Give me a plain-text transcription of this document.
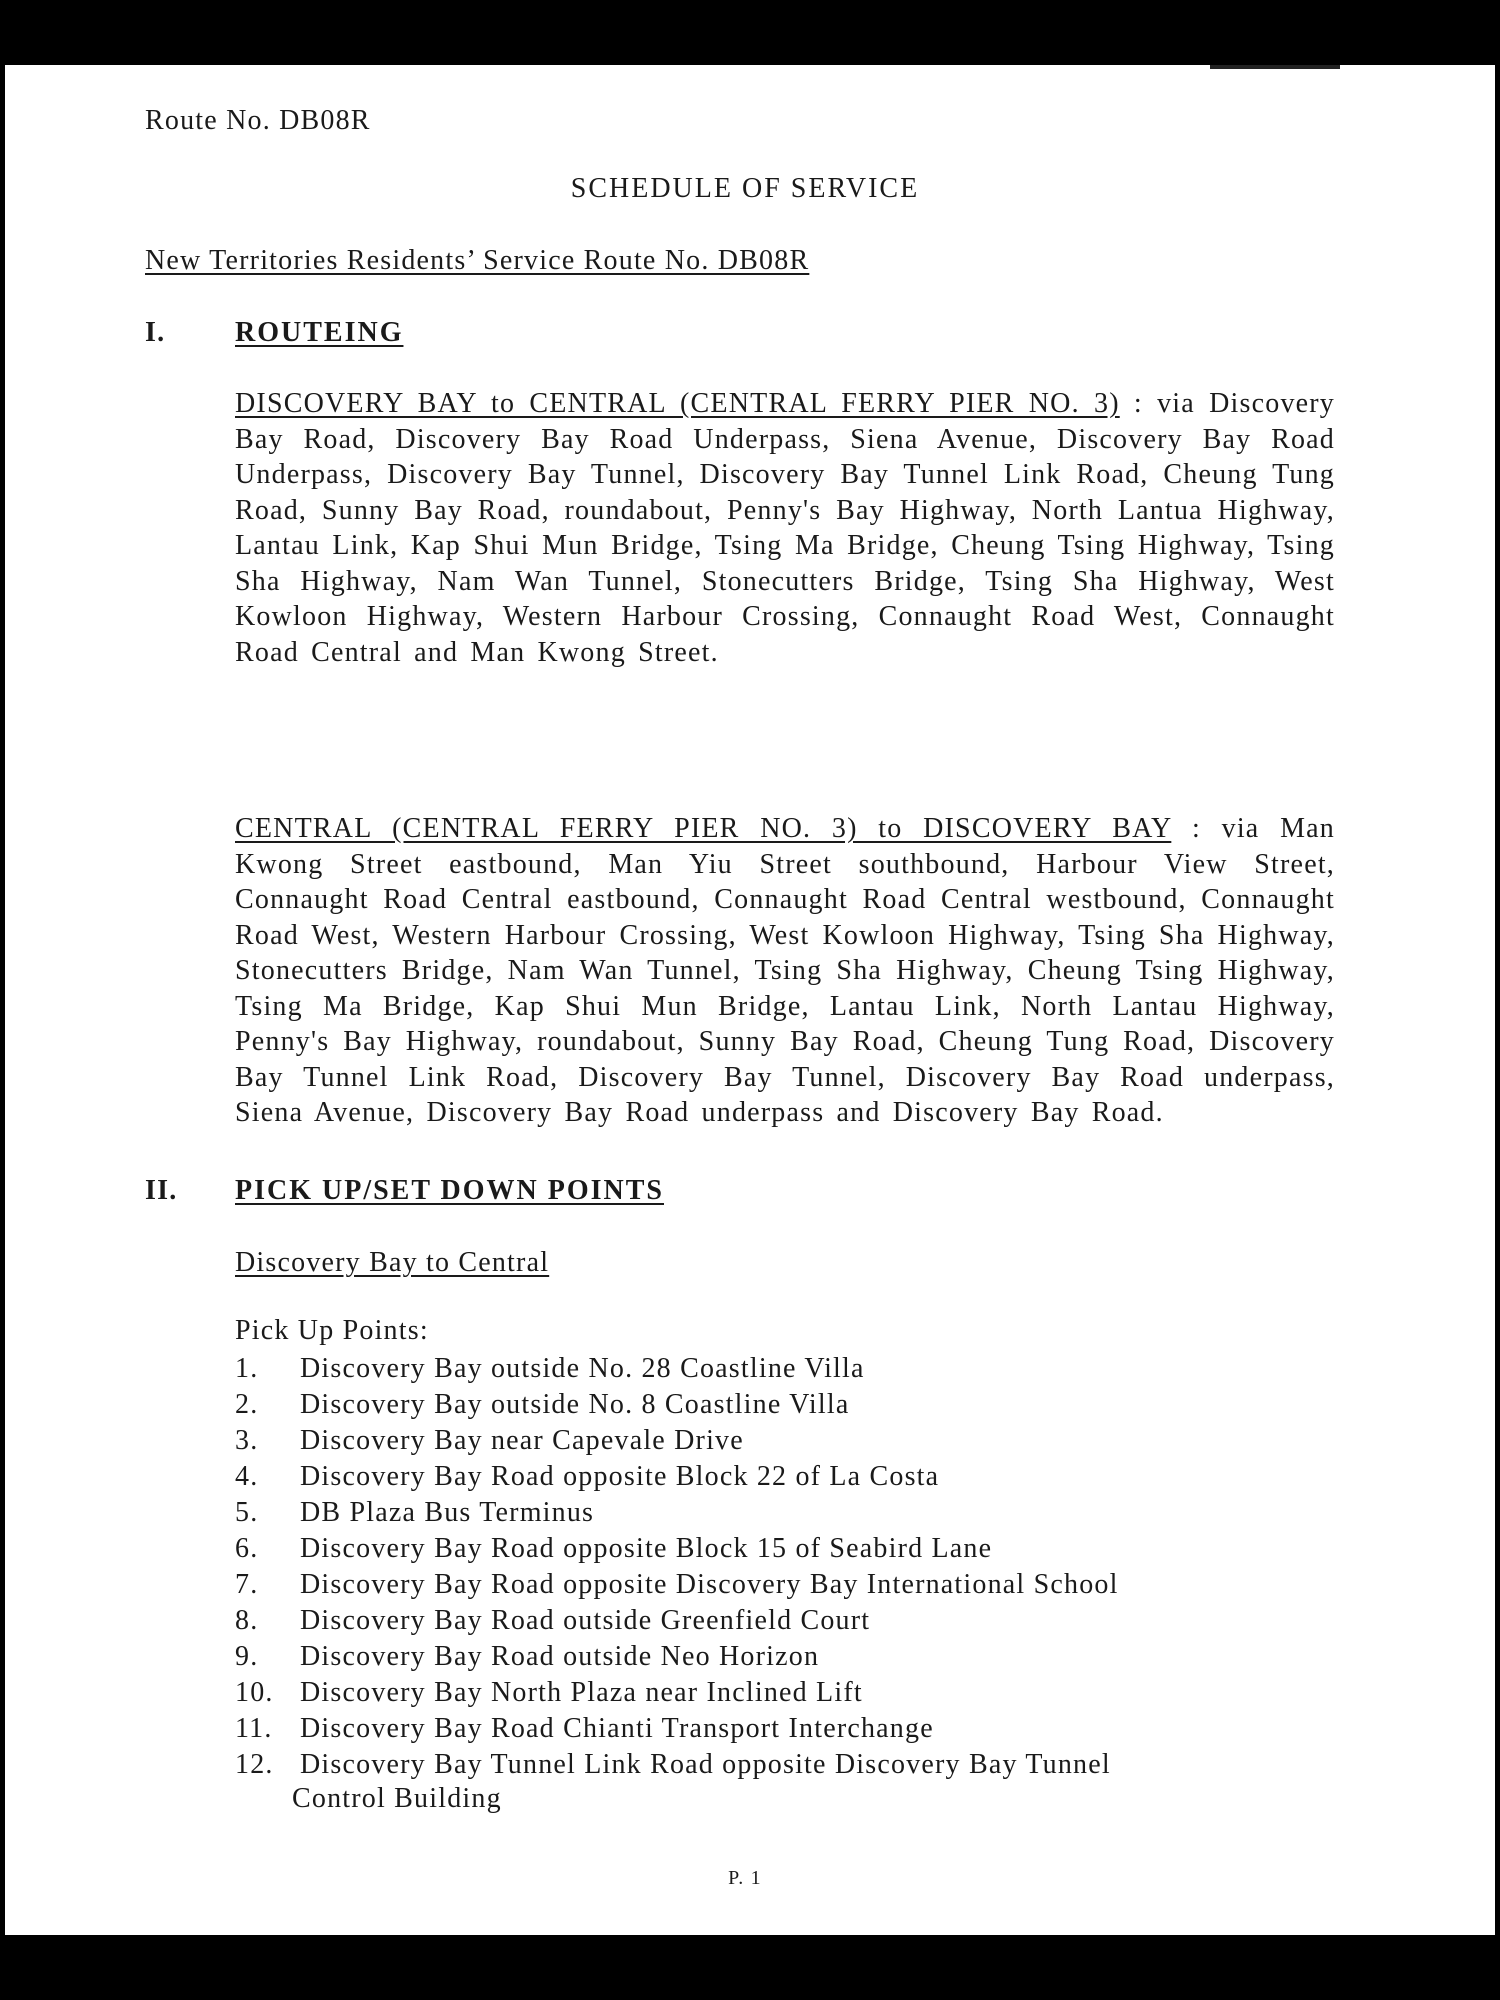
Route No. DB08R
SCHEDULE OF SERVICE
New Territories Residents’ Service Route No. DB08R
I. ROUTEING
DISCOVERY BAY to CENTRAL (CENTRAL FERRY PIER NO. 3) : via Discovery Bay Road, Discovery Bay Road Underpass, Siena Avenue, Discovery Bay Road Underpass, Discovery Bay Tunnel, Discovery Bay Tunnel Link Road, Cheung Tung Road, Sunny Bay Road, roundabout, Penny's Bay Highway, North Lantua Highway, Lantau Link, Kap Shui Mun Bridge, Tsing Ma Bridge, Cheung Tsing Highway, Tsing Sha Highway, Nam Wan Tunnel, Stonecutters Bridge, Tsing Sha Highway, West Kowloon Highway, Western Harbour Crossing, Connaught Road West, Connaught Road Central and Man Kwong Street.
CENTRAL (CENTRAL FERRY PIER NO. 3) to DISCOVERY BAY : via Man Kwong Street eastbound, Man Yiu Street southbound, Harbour View Street, Connaught Road Central eastbound, Connaught Road Central westbound, Connaught Road West, Western Harbour Crossing, West Kowloon Highway, Tsing Sha Highway, Stonecutters Bridge, Nam Wan Tunnel, Tsing Sha Highway, Cheung Tsing Highway, Tsing Ma Bridge, Kap Shui Mun Bridge, Lantau Link, North Lantau Highway, Penny's Bay Highway, roundabout, Sunny Bay Road, Cheung Tung Road, Discovery Bay Tunnel Link Road, Discovery Bay Tunnel, Discovery Bay Road underpass, Siena Avenue, Discovery Bay Road underpass and Discovery Bay Road.
II. PICK UP/SET DOWN POINTS
Discovery Bay to Central
Pick Up Points:
1.	Discovery Bay outside No. 28 Coastline Villa
2.	Discovery Bay outside No. 8 Coastline Villa
3.	Discovery Bay near Capevale Drive
4.	Discovery Bay Road opposite Block 22 of La Costa
5.	DB Plaza Bus Terminus
6.	Discovery Bay Road opposite Block 15 of Seabird Lane
7.	Discovery Bay Road opposite Discovery Bay International School
8.	Discovery Bay Road outside Greenfield Court
9.	Discovery Bay Road outside Neo Horizon
10. Discovery Bay North Plaza near Inclined Lift
11. Discovery Bay Road Chianti Transport Interchange
12. Discovery Bay Tunnel Link Road opposite Discovery Bay Tunnel
Control Building
P. 1
